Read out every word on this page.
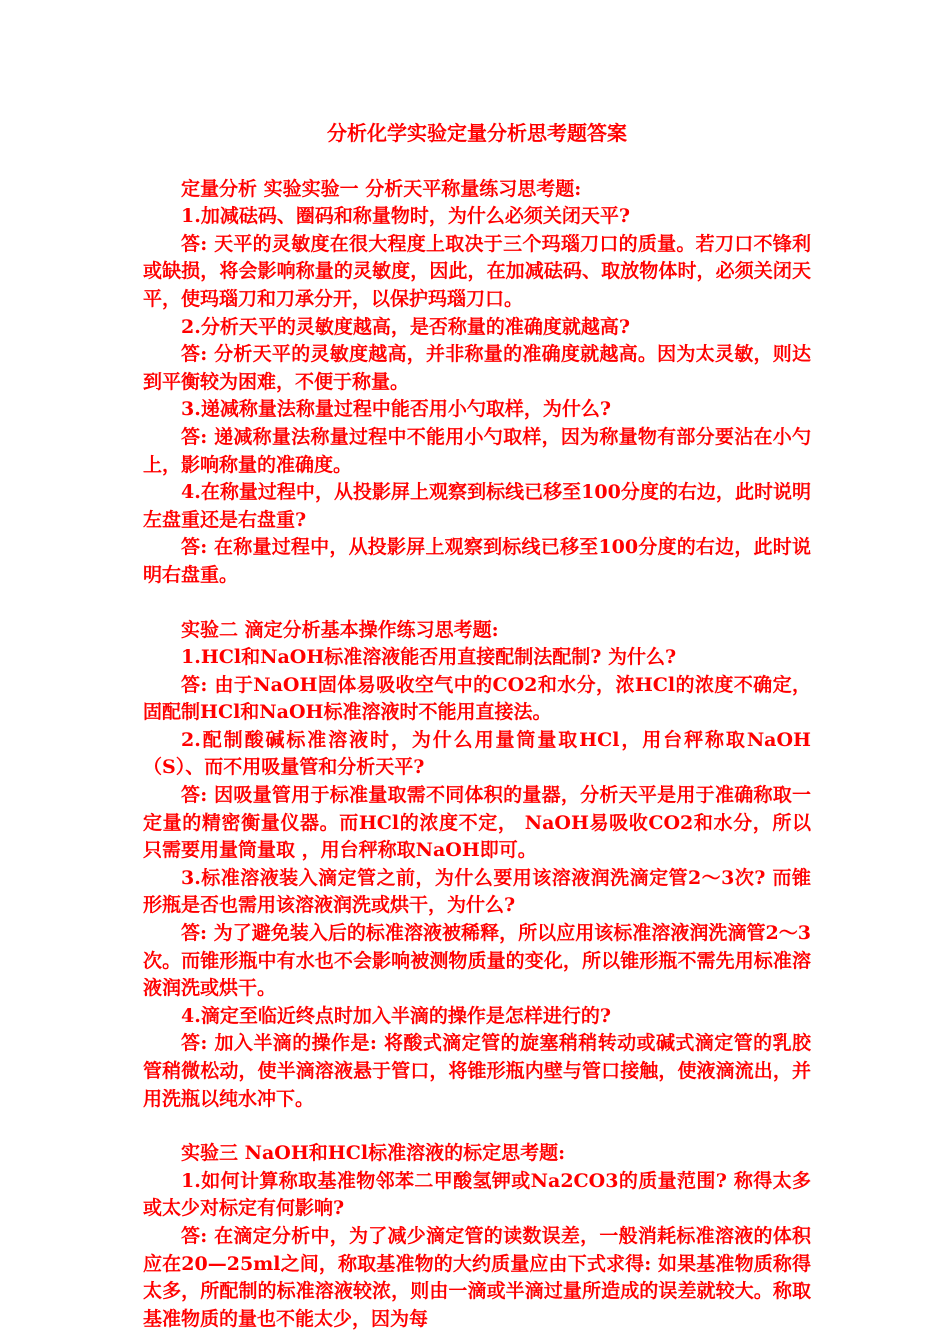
分析化学实验定量分析思考题答案

定量分析 实验实验一 分析天平称量练习思考题:

1.加减砝码、圈码和称量物时，为什么必须关闭天平?

答: 天平的灵敏度在很大程度上取决于三个玛瑙刀口的质量。若刀口不锋利或缺损，将会影响称量的灵敏度，因此，在加减砝码、取放物体时，必须关闭天平，使玛瑙刀和刀承分开，以保护玛瑙刀口。

2.分析天平的灵敏度越高，是否称量的准确度就越高?

答: 分析天平的灵敏度越高，并非称量的准确度就越高。因为太灵敏，则达到平衡较为困难，不便于称量。

3.递减称量法称量过程中能否用小勺取样，为什么?

答: 递减称量法称量过程中不能用小勺取样，因为称量物有部分要沾在小勺上，影响称量的准确度。

4.在称量过程中，从投影屏上观察到标线已移至100分度的右边，此时说明左盘重还是右盘重?

答: 在称量过程中，从投影屏上观察到标线已移至100分度的右边，此时说明右盘重。

实验二 滴定分析基本操作练习思考题:

1.HCl和NaOH标准溶液能否用直接配制法配制? 为什么?

答: 由于NaOH固体易吸收空气中的CO2和水分，浓HCl的浓度不确定，固配制HCl和NaOH标准溶液时不能用直接法。

2.配制酸碱标准溶液时，为什么用量筒量取HCl，用台秤称取NaOH（S）、而不用吸量管和分析天平?

答: 因吸量管用于标准量取需不同体积的量器，分析天平是用于准确称取一定量的精密衡量仪器。而HCl的浓度不定， NaOH易吸收CO2和水分，所以只需要用量筒量取 ，用台秤称取NaOH即可。

3.标准溶液装入滴定管之前，为什么要用该溶液润洗滴定管2～3次? 而锥形瓶是否也需用该溶液润洗或烘干，为什么?

答: 为了避免装入后的标准溶液被稀释，所以应用该标准溶液润洗滴管2～3次。而锥形瓶中有水也不会影响被测物质量的变化，所以锥形瓶不需先用标准溶液润洗或烘干。

4.滴定至临近终点时加入半滴的操作是怎样进行的?

答: 加入半滴的操作是: 将酸式滴定管的旋塞稍稍转动或碱式滴定管的乳胶管稍微松动，使半滴溶液悬于管口，将锥形瓶内壁与管口接触，使液滴流出，并用洗瓶以纯水冲下。

实验三 NaOH和HCl标准溶液的标定思考题:

1.如何计算称取基准物邻苯二甲酸氢钾或Na2CO3的质量范围? 称得太多或太少对标定有何影响?

答: 在滴定分析中，为了减少滴定管的读数误差，一般消耗标准溶液的体积应在20—25ml之间，称取基准物的大约质量应由下式求得: 如果基准物质称得太多，所配制的标准溶液较浓，则由一滴或半滴过量所造成的误差就较大。称取基准物质的量也不能太少，因为每
